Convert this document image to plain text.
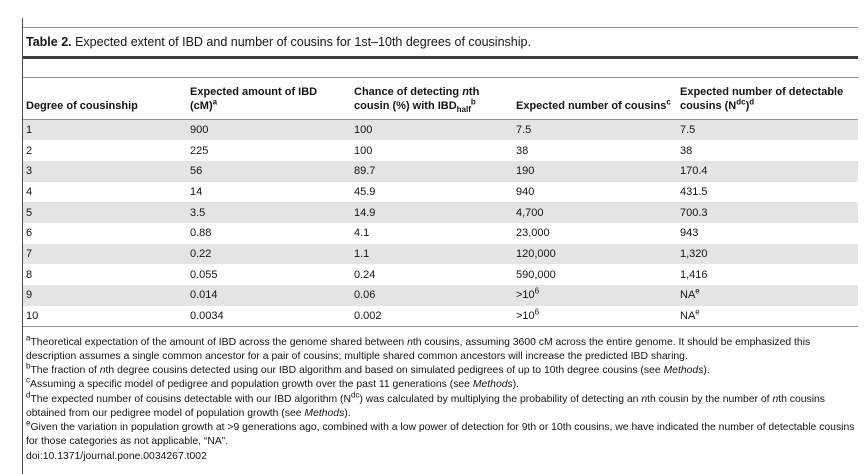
Table 2. Expected extent of IBD and number of cousins for 1st–10th degrees of cousinship.
Degree of cousinship	Expected amount of IBD (cM)$^a$	Chance of detecting nth cousin (%) with $IBD_{half}^b$	Expected number of cousins$^c$	Expected number of detectable cousins $(N^{dc})^d$
1	900	100	7.5	7.5
2	225	100	38	38
3	56	89.7	190	170.4
4	14	45.9	940	431.5
5	3.5	14.9	4,700	700.3
6	0.88	4.1	23,000	943
7	0.22	1.1	120,000	1,320
8	0.055	0.24	590,000	1,416
9	0.014	0.06	$>10^6$	$NA^e$
10	0.0034	0.002	$>10^6$	$NA^e$

$^a$Theoretical expectation of the amount of IBD across the genome shared between nth cousins, assuming 3600 cM across the entire genome. It should be emphasized this description assumes a single common ancestor for a pair of cousins; multiple shared common ancestors will increase the predicted IBD sharing.

$^b$The fraction of nth degree cousins detected using our IBD algorithm and based on simulated pedigrees of up to 10th degree cousins (see Methods).

$^c$Assuming a specific model of pedigree and population growth over the past 11 generations (see Methods).

$^d$The expected number of cousins detectable with our IBD algorithm $(N^{dc})$ was calculated by multiplying the probability of detecting an nth cousin by the number of nth cousins obtained from our pedigree model of population growth (see Methods).

$^e$Given the variation in population growth at >9 generations ago, combined with a low power of detection for 9th or 10th cousins, we have indicated the number of detectable cousins for those categories as not applicable, “NA”.

doi:10.1371/journal.pone.0034267.t002
